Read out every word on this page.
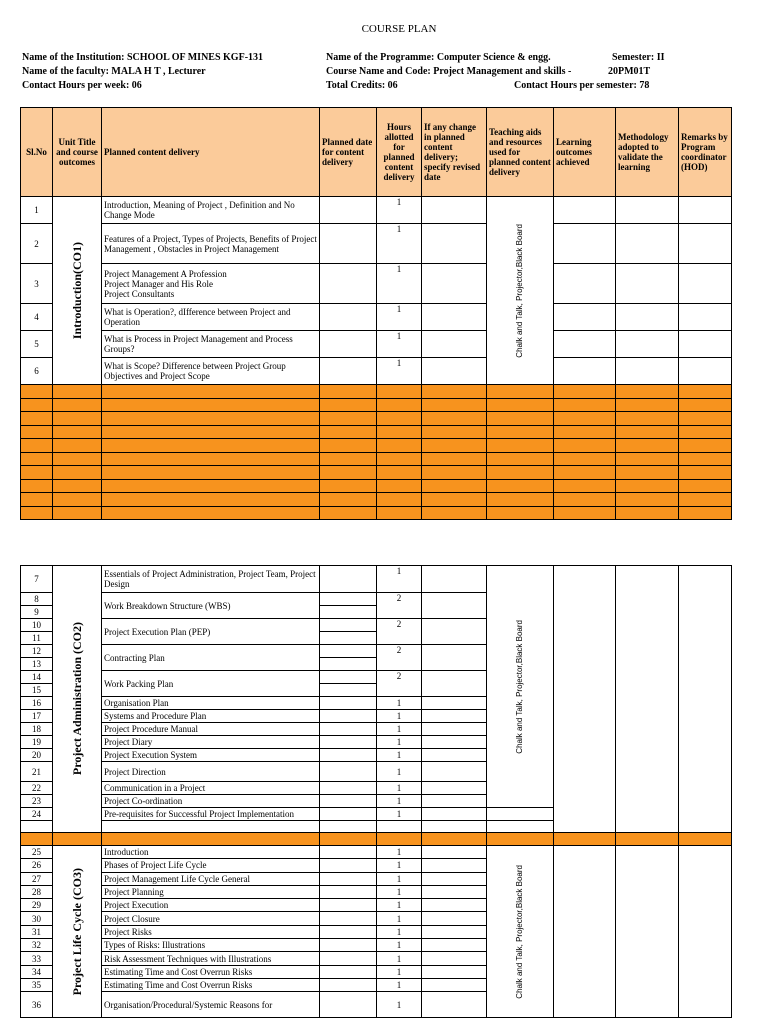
COURSE PLAN
Name of the Institution: SCHOOL OF MINES KGF-131
Name of the faculty: MALA H T , Lecturer
Contact Hours per week: 06
Name of the Programme: Computer Science & engg.	Semester: II
Course Name and Code: Project Management and skills -	20PM01T
Total Credits: 06	Contact Hours per semester: 78
Sl.No	Unit Title and course outcomes	Planned content delivery	Planned date for content delivery	Hours allotted for planned content delivery	If any change in planned content delivery; specify revised date	Teaching aids and resources used for planned content delivery	Learning outcomes achieved	Methodology adopted to validate the learning	Remarks by Program coordinator (HOD)
1	Introduction(CO1)	Introduction, Meaning of Project , Definition and No Change Mode		1		Chalk and Talk, Projector,Black Board			

2		Features of a Project, Types of Projects, Benefits of Project Management , Obstacles in Project Management		1					
3		Project Management A Profession
Project Manager and His Role
Project Consultants		1					
4		What is Operation?, dIfference between Project and Operation		1					
5		What is Process in Project Management and Process Groups?		1					
6		What is Scope? Difference between Project Group Objectives and Project Scope		1					

7	Project Administration (CO2)	Essentials of Project Administration, Project Team, Project Design		1		Chalk and Talk, Projector,Black Board				

8		Work Breakdown Structure (WBS)		2						
9										
10		Project Execution Plan (PEP)		2						
11										
12		Contracting Plan		2						
13										
14		Work Packing Plan		2						
15										
16		Organisation Plan		1						
17		Systems and Procedure Plan		1						
18		Project Procedure Manual		1						
19		Project Diary		1						
20		Project Execution System		1						
21		Project Direction		1						
22		Communication in a Project		1						
23		Project Co-ordination		1						
24		Pre-requisites for Successful Project Implementation		1						

25	Project Life Cycle (CO3)	Introduction		1		Chalk and Talk, Projector,Black Board				

26		Phases of Project Life Cycle		1						
27		Project Management Life Cycle General		1						
28		Project Planning		1						
29		Project Execution		1						
30		Project Closure		1						
31		Project Risks		1						
32		Types of Risks: Illustrations		1						
33		Risk Assessment Techniques with Illustrations		1						
34		Estimating Time and Cost Overrun Risks		1						
35		Estimating Time and Cost Overrun Risks		1						
36		Organisation/Procedural/Systemic Reasons for		1						
